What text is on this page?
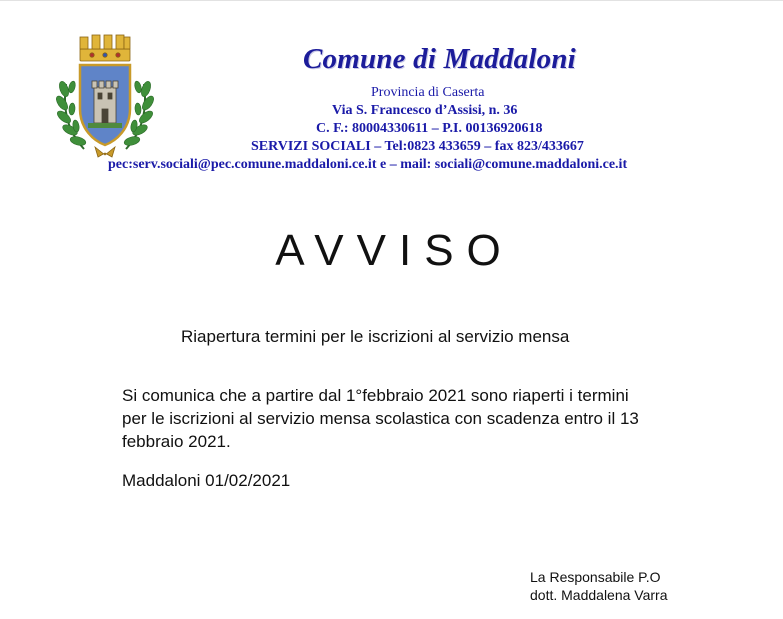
Comune di Maddaloni
Provincia di Caserta
Via S. Francesco d’Assisi, n. 36
C. F.: 80004330611 – P.I. 00136920618
SERVIZI SOCIALI – Tel:0823 433659 – fax 823/433667
pec:serv.sociali@pec.comune.maddaloni.ce.it e – mail: sociali@comune.maddaloni.ce.it
AVVISO
Riapertura termini per le iscrizioni al servizio mensa
Si comunica che a partire dal 1°febbraio 2021 sono riaperti i termini
per le iscrizioni al servizio mensa scolastica con scadenza entro il 13
febbraio 2021.
Maddaloni 01/02/2021
La Responsabile P.O
dott. Maddalena Varra
